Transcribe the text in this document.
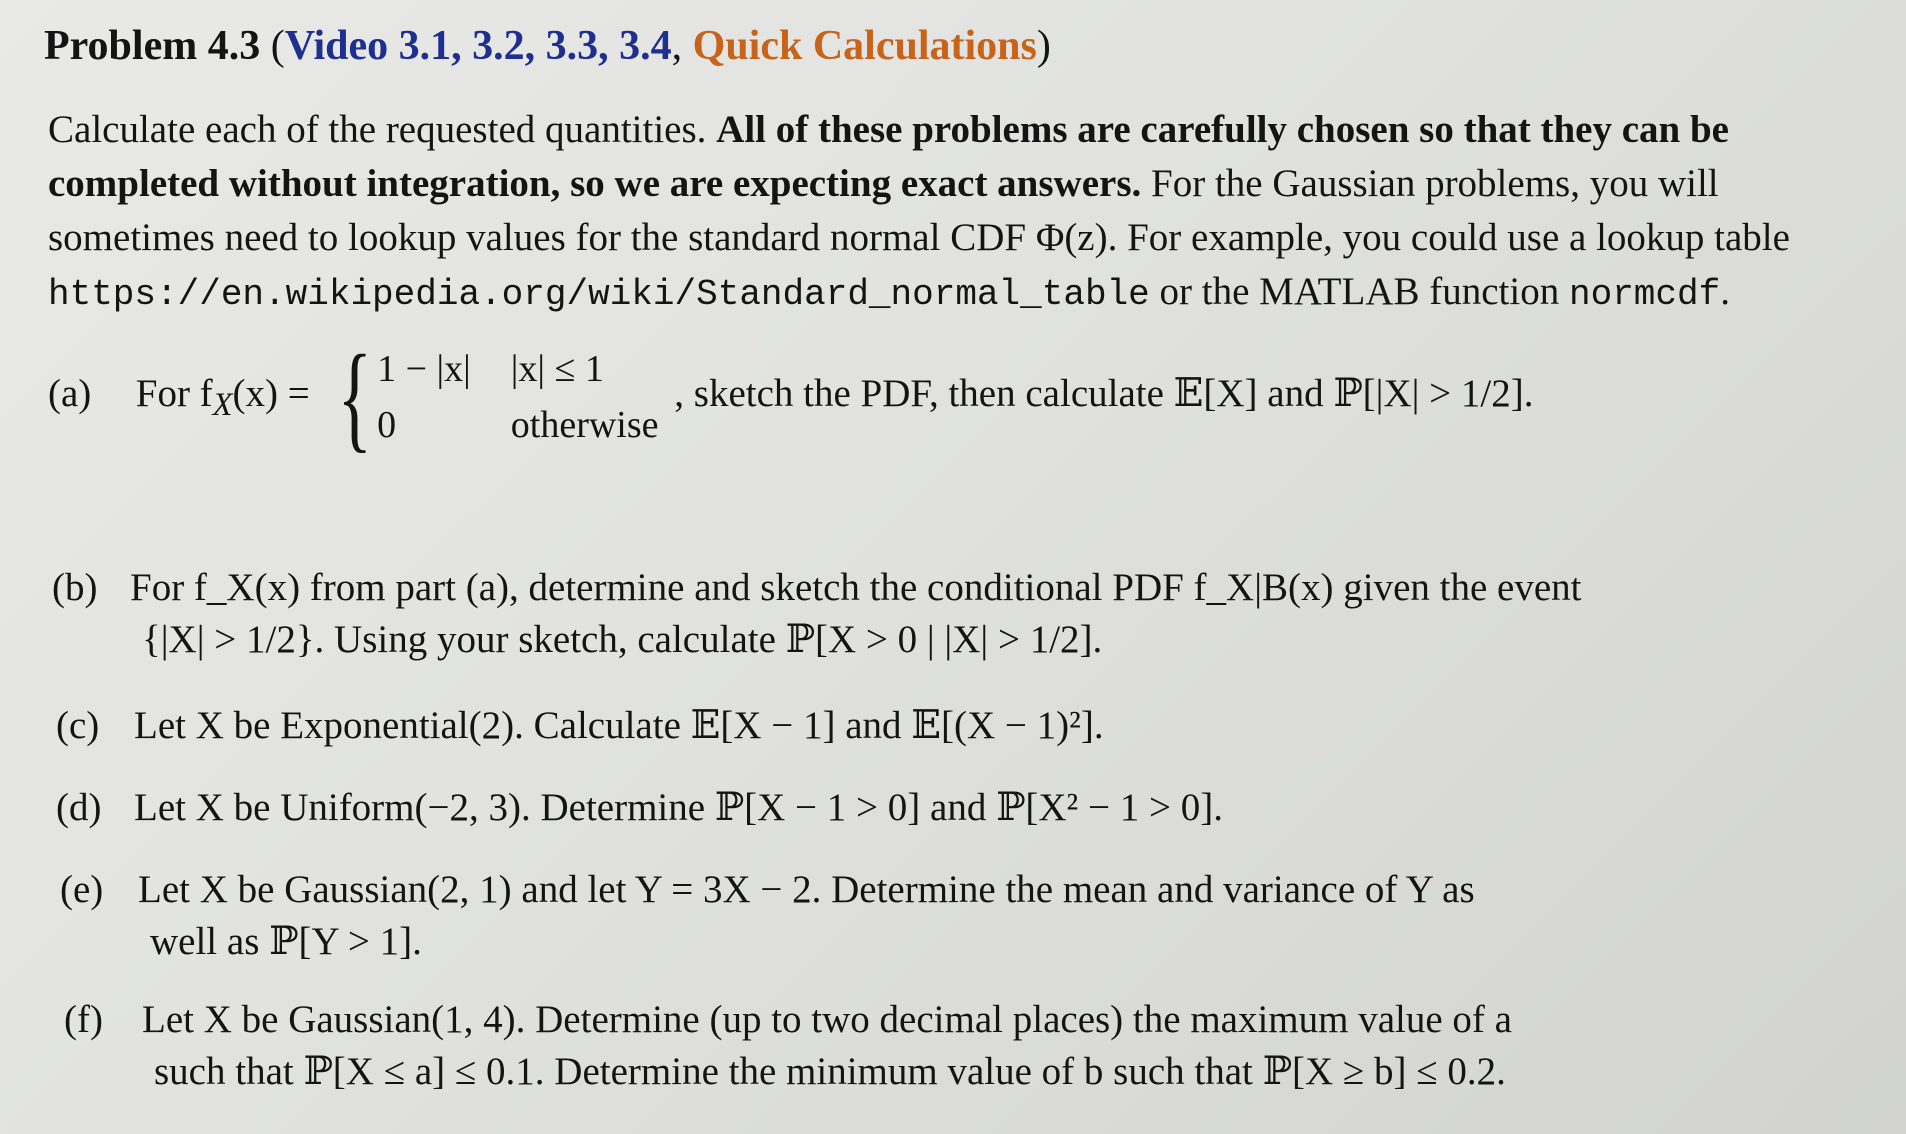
Problem 4.3 (Video 3.1, 3.2, 3.3, 3.4, Quick Calculations)

Calculate each of the requested quantities. All of these problems are carefully chosen so that they can be completed without integration, so we are expecting exact answers. For the Gaussian problems, you will sometimes need to lookup values for the standard normal CDF Φ(z). For example, you could use a lookup table https://en.wikipedia.org/wiki/Standard_normal_table or the MATLAB function normcdf.

(a) For $f_X(x)$ = { 1 − |x| |x| ≤ 1
0	otherwise
, sketch the PDF, then calculate 𝔼[X] and ℙ[|X| > 1/2].
(b) For f_X(x) from part (a), determine and sketch the conditional PDF f_X|B(x) given the event
{|X| > 1/2}. Using your sketch, calculate ℙ[X > 0 | |X| > 1/2].
(c) Let X be Exponential(2). Calculate 𝔼[X − 1] and 𝔼[(X − 1)²].
(d) Let X be Uniform(−2, 3). Determine ℙ[X − 1 > 0] and ℙ[X² − 1 > 0].
(e) Let X be Gaussian(2, 1) and let Y = 3X − 2. Determine the mean and variance of Y as
well as ℙ[Y > 1].
(f) Let X be Gaussian(1, 4). Determine (up to two decimal places) the maximum value of a
such that ℙ[X ≤ a] ≤ 0.1. Determine the minimum value of b such that ℙ[X ≥ b] ≤ 0.2.
